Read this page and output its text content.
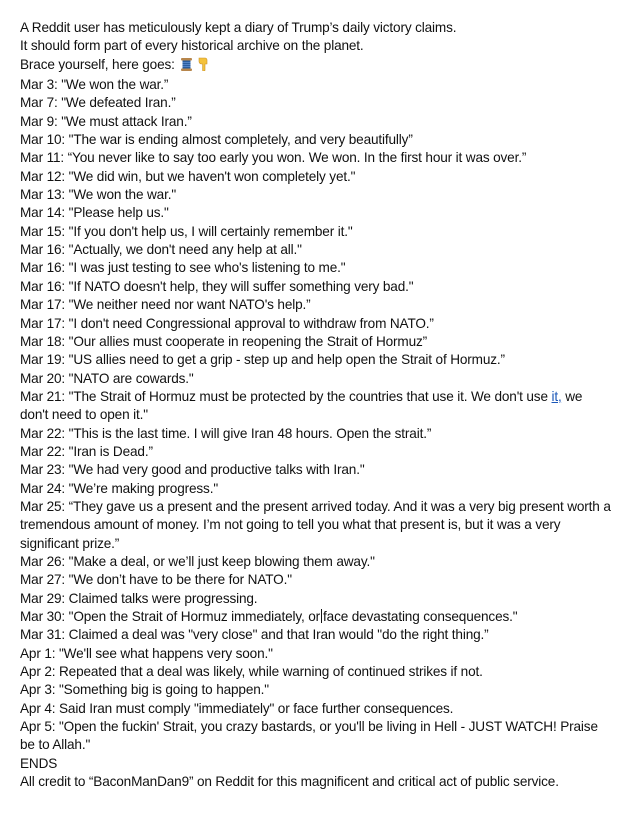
A Reddit user has meticulously kept a diary of Trump’s daily victory claims.
It should form part of every historical archive on the planet.
Brace yourself, here goes:
Mar 3: "We won the war.”
Mar 7: "We defeated Iran.”
Mar 9: "We must attack Iran.”
Mar 10: "The war is ending almost completely, and very beautifully”
Mar 11: “You never like to say too early you won. We won. In the first hour it was over.”
Mar 12: "We did win, but we haven't won completely yet."
Mar 13: "We won the war."
Mar 14: "Please help us."
Mar 15: "If you don't help us, I will certainly remember it."
Mar 16: "Actually, we don't need any help at all."
Mar 16: "I was just testing to see who's listening to me."
Mar 16: "If NATO doesn't help, they will suffer something very bad."
Mar 17: "We neither need nor want NATO's help.”
Mar 17: "I don't need Congressional approval to withdraw from NATO.”
Mar 18: "Our allies must cooperate in reopening the Strait of Hormuz”
Mar 19: "US allies need to get a grip - step up and help open the Strait of Hormuz.”
Mar 20: "NATO are cowards."
Mar 21: "The Strait of Hormuz must be protected by the countries that use it. We don't use it, we don't need to open it."
Mar 22: "This is the last time. I will give Iran 48 hours. Open the strait.”
Mar 22: "Iran is Dead.”
Mar 23: "We had very good and productive talks with Iran."
Mar 24: "We’re making progress."
Mar 25: “They gave us a present and the present arrived today. And it was a very big present worth a tremendous amount of money. I’m not going to tell you what that present is, but it was a very significant prize.”
Mar 26: "Make a deal, or we’ll just keep blowing them away."
Mar 27: "We don’t have to be there for NATO."
Mar 29: Claimed talks were progressing.
Mar 30: "Open the Strait of Hormuz immediately, or face devastating consequences."
Mar 31: Claimed a deal was "very close" and that Iran would "do the right thing.”
Apr 1: "We'll see what happens very soon."
Apr 2: Repeated that a deal was likely, while warning of continued strikes if not.
Apr 3: "Something big is going to happen."
Apr 4: Said Iran must comply "immediately" or face further consequences.
Apr 5: "Open the fuckin' Strait, you crazy bastards, or you'll be living in Hell - JUST WATCH! Praise be to Allah."
ENDS
All credit to “BaconManDan9” on Reddit for this magnificent and critical act of public service.
